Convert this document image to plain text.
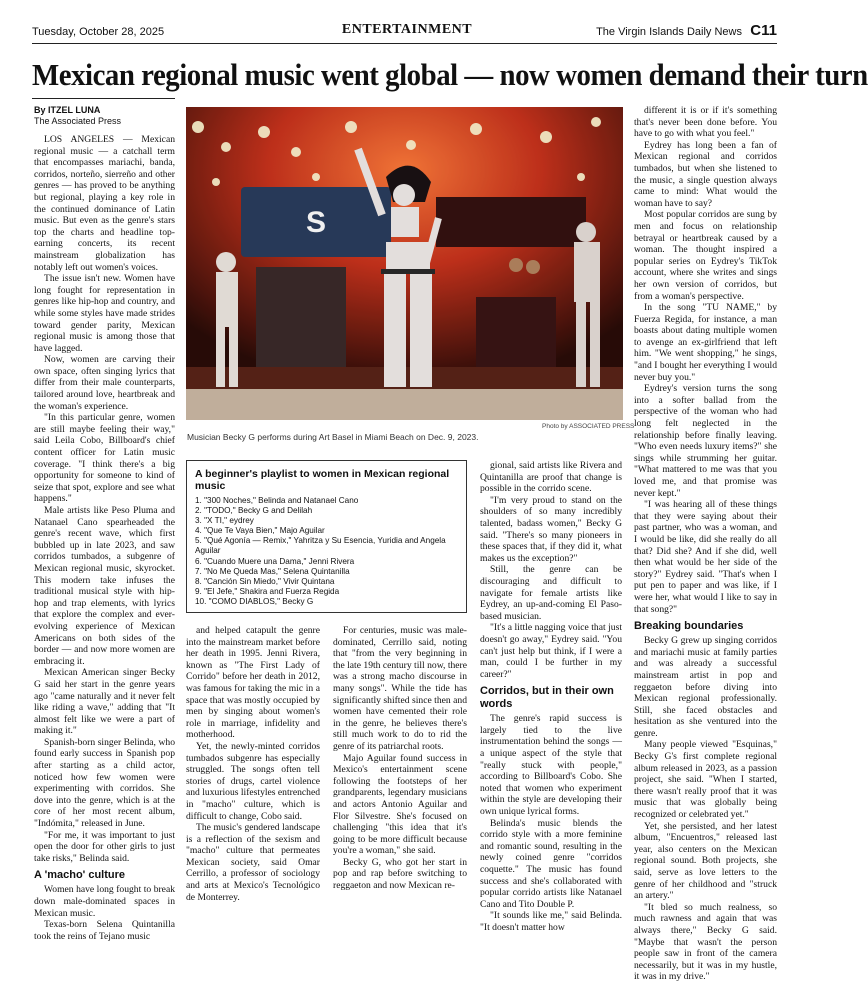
Tuesday, October 28, 2025	ENTERTAINMENT	The Virgin Islands Daily News C11
Mexican regional music went global — now women demand their turn

By ITZEL LUNA

The Associated Press

LOS ANGELES — Mexican regional music — a catchall term that encompasses mariachi, banda, corridos, norteño, sierreño and other genres — has proved to be anything but regional, playing a key role in the continued dominance of Latin music. But even as the genre's stars top the charts and headline top-earning concerts, its recent mainstream globalization has notably left out women's voices.

The issue isn't new. Women have long fought for representation in genres like hip-hop and country, and while some styles have made strides toward gender parity, Mexican regional music is among those that have lagged.

Now, women are carving their own space, often singing lyrics that differ from their male counterparts, tailored around love, heartbreak and the woman's experience.

"In this particular genre, women are still maybe feeling their way," said Leila Cobo, Billboard's chief content officer for Latin music coverage. "I think there's a big opportunity for someone to kind of seize that spot, explore and see what happens."

Male artists like Peso Pluma and Natanael Cano spearheaded the genre's recent wave, which first bubbled up in late 2023, and saw corridos tumbados, a subgenre of Mexican regional music, skyrocket. This modern take infuses the traditional musical style with hip-hop and trap elements, with lyrics that explore the complex and ever-evolving experience of Mexican Americans on both sides of the border — and now more women are embracing it.

Mexican American singer Becky G said her start in the genre years ago "came naturally and it never felt like riding a wave," adding that "It almost felt like we were a part of making it."

Spanish-born singer Belinda, who found early success in Spanish pop after starting as a child actor, noticed how few women were experimenting with corridos. She dove into the genre, which is at the core of her most recent album, "Indómita," released in June.

"For me, it was important to just open the door for other girls to just take risks," Belinda said.

A 'macho' culture

Women have long fought to break down male-dominated spaces in Mexican music.

Texas-born Selena Quintanilla took the reins of Tejano music

S
Photo by ASSOCIATED PRESS
Musician Becky G performs during Art Basel in Miami Beach on Dec. 9, 2023.
A beginner's playlist to women in Mexican regional music
1. "300 Noches," Belinda and Natanael Cano
2. "TODO," Becky G and Delilah
3. "X TI," eydrey
4. "Que Te Vaya Bien," Majo Aguilar
5. "Qué Agonía — Remix," Yahritza y Su Esencia, Yuridia and Angela Aguilar
6. "Cuando Muere una Dama," Jenni Rivera
7. "No Me Queda Mas," Selena Quintanilla
8. "Canción Sin Miedo," Vivir Quintana
9. "El Jefe," Shakira and Fuerza Regida
10. "COMO DIABLOS," Becky G

and helped catapult the genre into the mainstream market before her death in 1995. Jenni Rivera, known as "The First Lady of Corrido" before her death in 2012, was famous for taking the mic in a space that was mostly occupied by men by singing about women's role in marriage, infidelity and motherhood.

Yet, the newly-minted corridos tumbados subgenre has especially struggled. The songs often tell stories of drugs, cartel violence and luxurious lifestyles entrenched in "macho" culture, which is difficult to change, Cobo said.

The music's gendered landscape is a reflection of the sexism and "macho" culture that permeates Mexican society, said Omar Cerrillo, a professor of sociology and arts at Mexico's Tecnológico de Monterrey.

For centuries, music was male-dominated, Cerrillo said, noting that "from the very beginning in the late 19th century till now, there was a strong macho discourse in many songs". While the tide has significantly shifted since then and women have cemented their role in the genre, he believes there's still much work to do to rid the genre of its patriarchal roots.

Majo Aguilar found success in Mexico's entertainment scene following the footsteps of her grandparents, legendary musicians and actors Antonio Aguilar and Flor Silvestre. She's focused on challenging "this idea that it's going to be more difficult because you're a woman," she said.

Becky G, who got her start in pop and rap before switching to reggaeton and now Mexican re-

gional, said artists like Rivera and Quintanilla are proof that change is possible in the corrido scene.

"I'm very proud to stand on the shoulders of so many incredibly talented, badass women," Becky G said. "There's so many pioneers in these spaces that, if they did it, what makes us the exception?"

Still, the genre can be discouraging and difficult to navigate for female artists like Eydrey, an up-and-coming El Paso-based musician.

"It's a little nagging voice that just doesn't go away," Eydrey said. "You can't just help but think, if I were a man, could I be further in my career?"

Corridos, but in their own words

The genre's rapid success is largely tied to the live instrumentation behind the songs — a unique aspect of the style that "really stuck with people," according to Billboard's Cobo. She noted that women who experiment within the style are developing their own unique lyrical forms.

Belinda's music blends the corrido style with a more feminine and romantic sound, resulting in the newly coined genre "corridos coquette." The music has found success and she's collaborated with popular corrido artists like Natanael Cano and Tito Double P.

"It sounds like me," said Belinda. "It doesn't matter how

different it is or if it's something that's never been done before. You have to go with what you feel."

Eydrey has long been a fan of Mexican regional and corridos tumbados, but when she listened to the music, a single question always came to mind: What would the woman have to say?

Most popular corridos are sung by men and focus on relationship betrayal or heartbreak caused by a woman. The thought inspired a popular series on Eydrey's TikTok account, where she writes and sings her own version of corridos, but from a woman's perspective.

In the song "TU NAME," by Fuerza Regida, for instance, a man boasts about dating multiple women to avenge an ex-girlfriend that left him. "We went shopping," he sings, "and I bought her everything I would never buy you."

Eydrey's version turns the song into a softer ballad from the perspective of the woman who had long felt neglected in the relationship before finally leaving. "Who even needs luxury items?" she sings while strumming her guitar. "What mattered to me was that you loved me, and that promise was never kept."

"I was hearing all of these things that they were saying about their past partner, who was a woman, and I would be like, did she really do all that? Did she? And if she did, well then what would be her side of the story?" Eydrey said. "That's when I put pen to paper and was like, if I were her, what would I like to say in that song?"

Breaking boundaries

Becky G grew up singing corridos and mariachi music at family parties and was already a successful mainstream artist in pop and reggaeton before diving into Mexican regional professionally. Still, she faced obstacles and hesitation as she ventured into the genre.

Many people viewed "Esquinas," Becky G's first complete regional album released in 2023, as a passion project, she said. "When I started, there wasn't really proof that it was music that was globally being recognized or celebrated yet."

Yet, she persisted, and her latest album, "Encuentros," released last year, also centers on the Mexican regional sound. Both projects, she said, serve as love letters to the genre of her childhood and "struck an artery."

"It bled so much realness, so much rawness and again that was always there," Becky G said. "Maybe that wasn't the person people saw in front of the camera necessarily, but it was in my hustle, it was in my drive."
